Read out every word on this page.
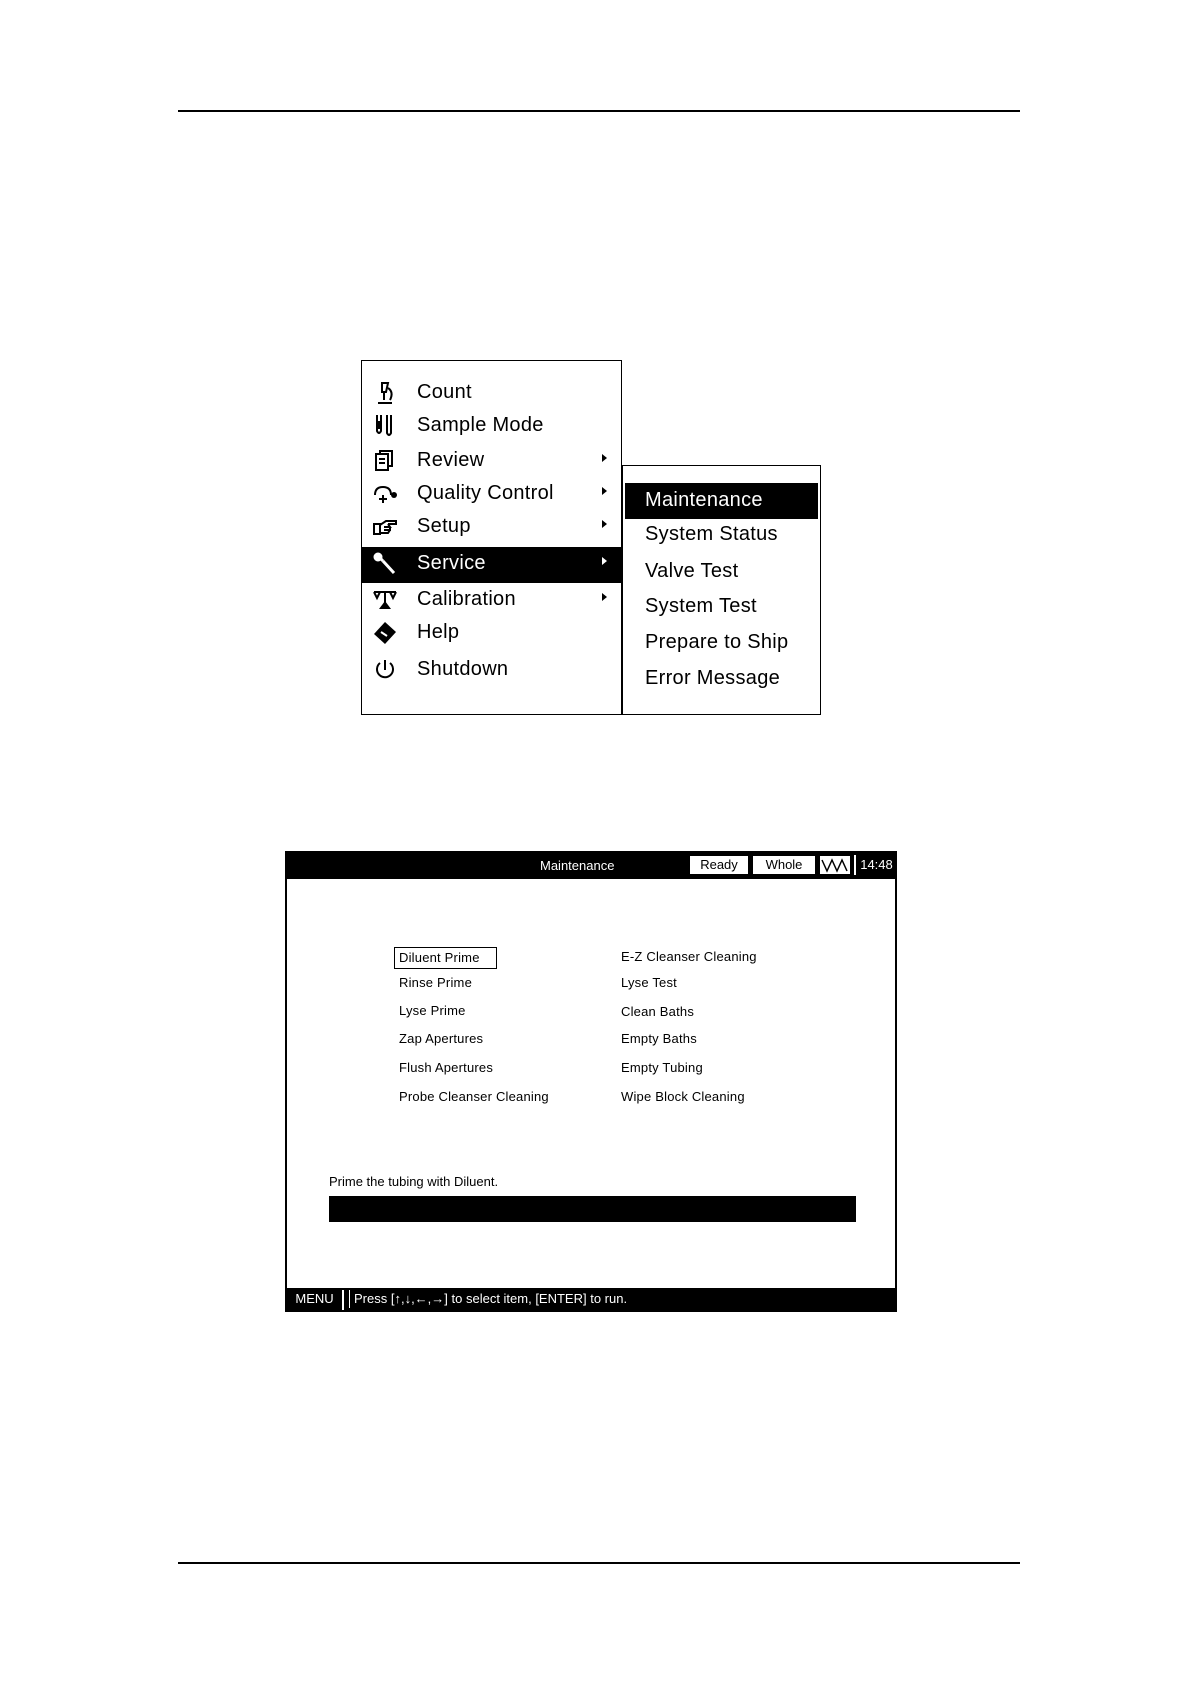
Count
Sample Mode
Review
Quality Control
Setup
Service
Calibration
Help
Shutdown
Maintenance
System Status
Valve Test
System Test
Prepare to Ship
Error Message
Maintenance	Ready	Whole	14:48
Diluent Prime
Rinse Prime
Lyse Prime
Zap Apertures
Flush Apertures
Probe Cleanser Cleaning
E-Z Cleanser Cleaning
Lyse Test
Clean Baths
Empty Baths
Empty Tubing
Wipe Block Cleaning
Prime the tubing with Diluent.
MENU	Press [↑,↓,←,→] to select item, [ENTER] to run.
